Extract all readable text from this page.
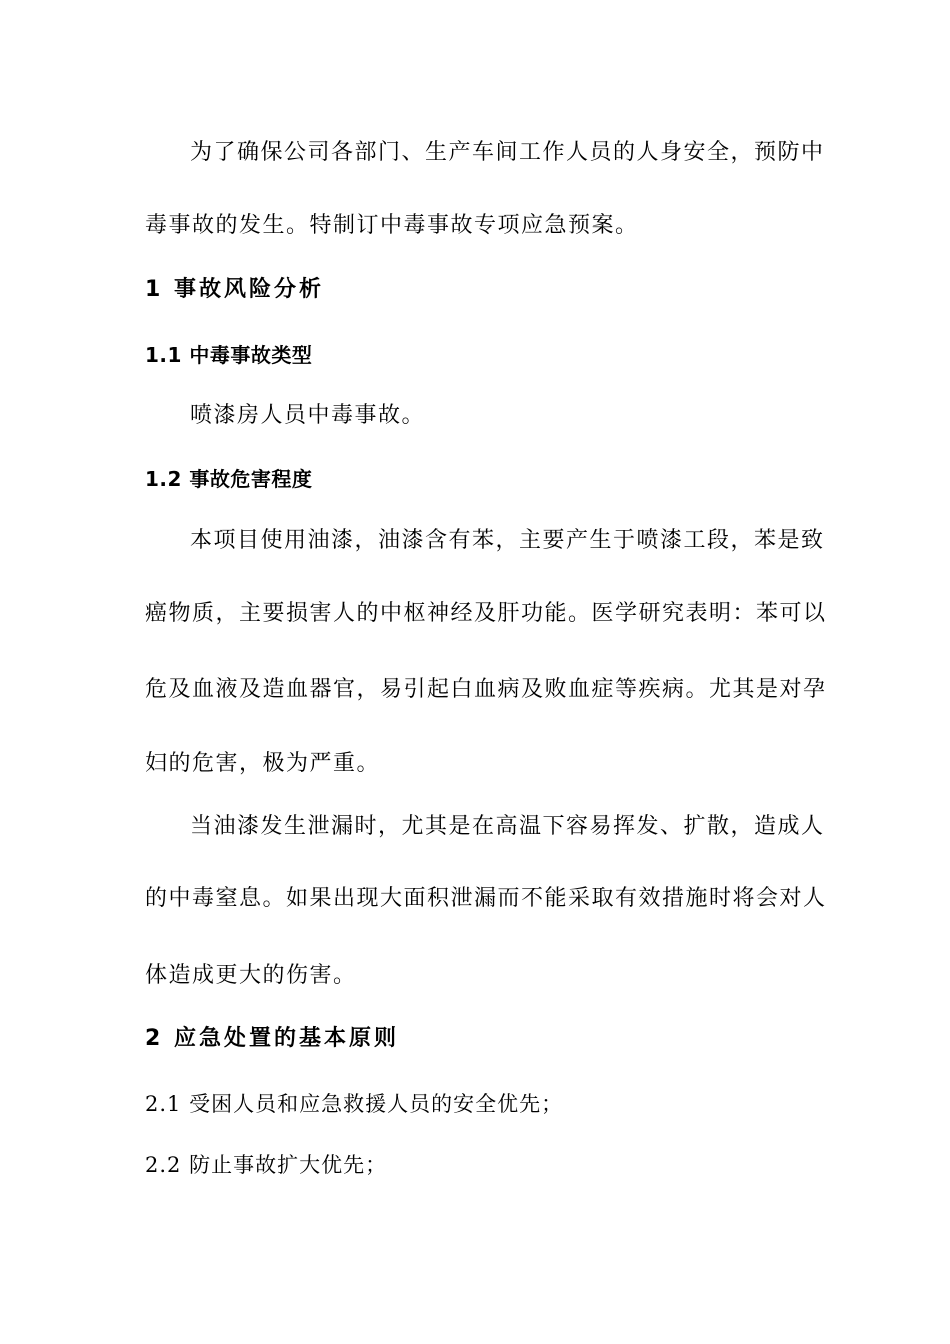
为了确保公司各部门、生产车间工作人员的人身安全，预防中
毒事故的发生。特制订中毒事故专项应急预案。
1 事故风险分析
1.1 中毒事故类型
喷漆房人员中毒事故。
1.2 事故危害程度
本项目使用油漆，油漆含有苯，主要产生于喷漆工段，苯是致
癌物质，主要损害人的中枢神经及肝功能。医学研究表明：苯可以
危及血液及造血器官，易引起白血病及败血症等疾病。尤其是对孕
妇的危害，极为严重。
当油漆发生泄漏时，尤其是在高温下容易挥发、扩散，造成人
的中毒窒息。如果出现大面积泄漏而不能采取有效措施时将会对人
体造成更大的伤害。
2 应急处置的基本原则
2.1 受困人员和应急救援人员的安全优先；
2.2 防止事故扩大优先；
